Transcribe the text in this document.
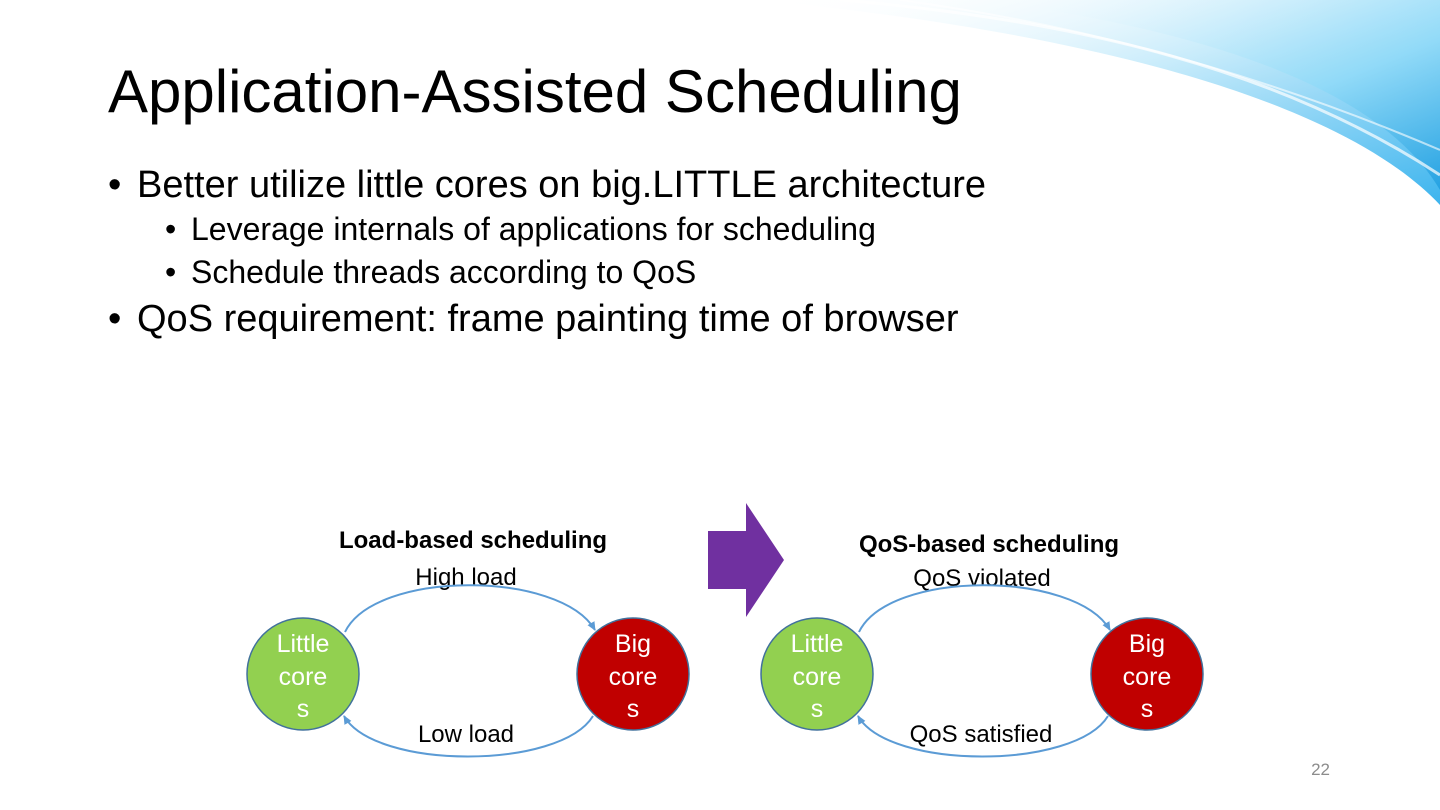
Application-Assisted Scheduling
• Better utilize little cores on big.LITTLE architecture
• Leverage internals of applications for scheduling
• Schedule threads according to QoS
• QoS requirement: frame painting time of browser
Load-based scheduling
High load
Low load
Little
core
s
Big
core
s
QoS-based scheduling
QoS violated
QoS satisfied
Little
core
s
Big
core
s
22
